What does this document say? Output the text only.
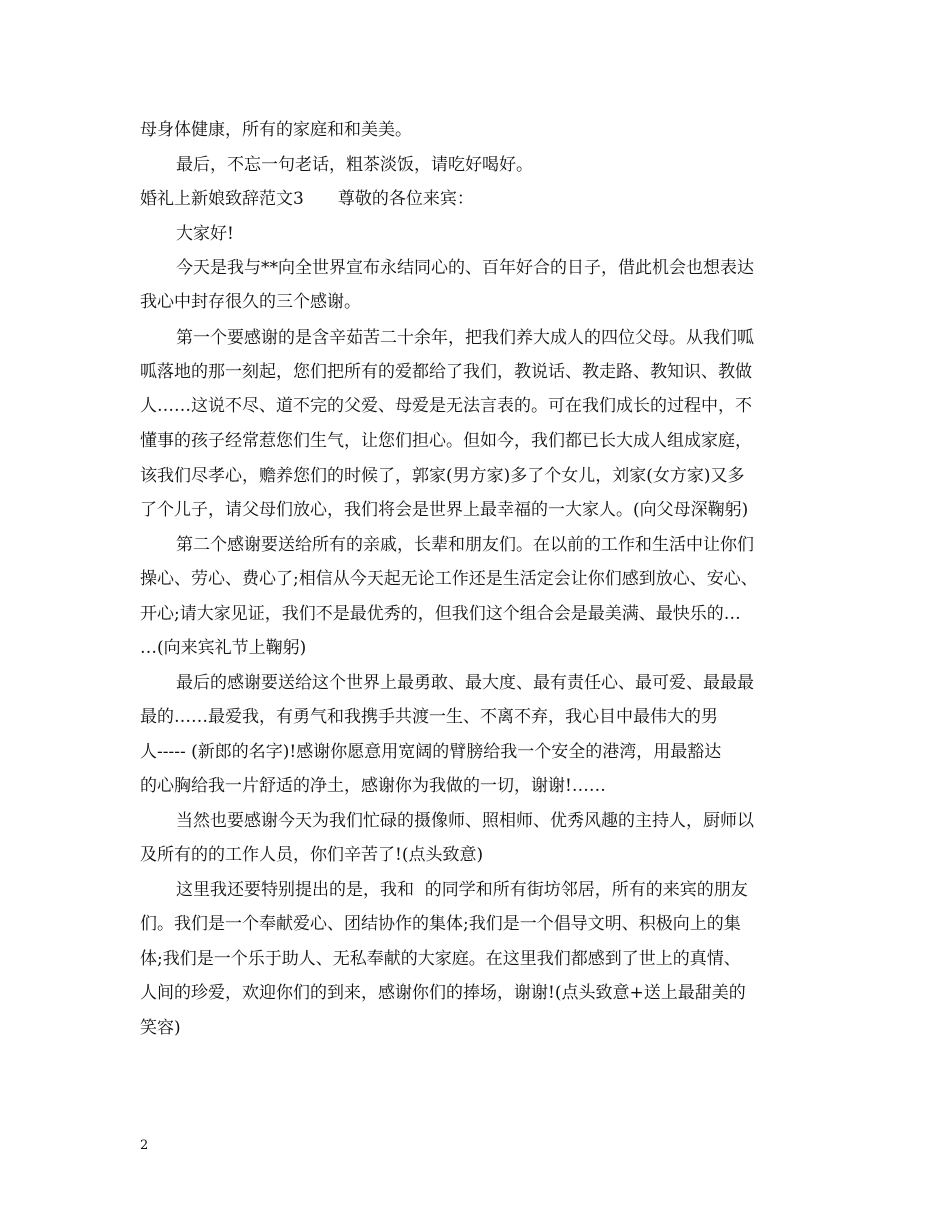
母身体健康，所有的家庭和和美美。
最后，不忘一句老话，粗茶淡饭，请吃好喝好。
婚礼上新娘致辞范文3　　尊敬的各位来宾：
大家好!
今天是我与**向全世界宣布永结同心的、百年好合的日子，借此机会也想表达
我心中封存很久的三个感谢。
第一个要感谢的是含辛茹苦二十余年，把我们养大成人的四位父母。从我们呱
呱落地的那一刻起，您们把所有的爱都给了我们，教说话、教走路、教知识、教做
人……这说不尽、道不完的父爱、母爱是无法言表的。可在我们成长的过程中，不
懂事的孩子经常惹您们生气，让您们担心。但如今，我们都已长大成人组成家庭，
该我们尽孝心，赡养您们的时候了，郭家(男方家)多了个女儿，刘家(女方家)又多
了个儿子，请父母们放心，我们将会是世界上最幸福的一大家人。(向父母深鞠躬)
第二个感谢要送给所有的亲戚，长辈和朋友们。在以前的工作和生活中让你们
操心、劳心、费心了;相信从今天起无论工作还是生活定会让你们感到放心、安心、
开心;请大家见证，我们不是最优秀的，但我们这个组合会是最美满、最快乐的…
…(向来宾礼节上鞠躬)
最后的感谢要送给这个世界上最勇敢、最大度、最有责任心、最可爱、最最最
最的……最爱我，有勇气和我携手共渡一生、不离不弃，我心目中最伟大的男
人----- (新郎的名字)!感谢你愿意用宽阔的臂膀给我一个安全的港湾，用最豁达
的心胸给我一片舒适的净土，感谢你为我做的一切，谢谢!……
当然也要感谢今天为我们忙碌的摄像师、照相师、优秀风趣的主持人，厨师以
及所有的的工作人员，你们辛苦了!(点头致意)
这里我还要特别提出的是，我和  的同学和所有街坊邻居，所有的来宾的朋友
们。我们是一个奉献爱心、团结协作的集体;我们是一个倡导文明、积极向上的集
体;我们是一个乐于助人、无私奉献的大家庭。在这里我们都感到了世上的真情、
人间的珍爱，欢迎你们的到来，感谢你们的捧场，谢谢!(点头致意+送上最甜美的
笑容)
2
